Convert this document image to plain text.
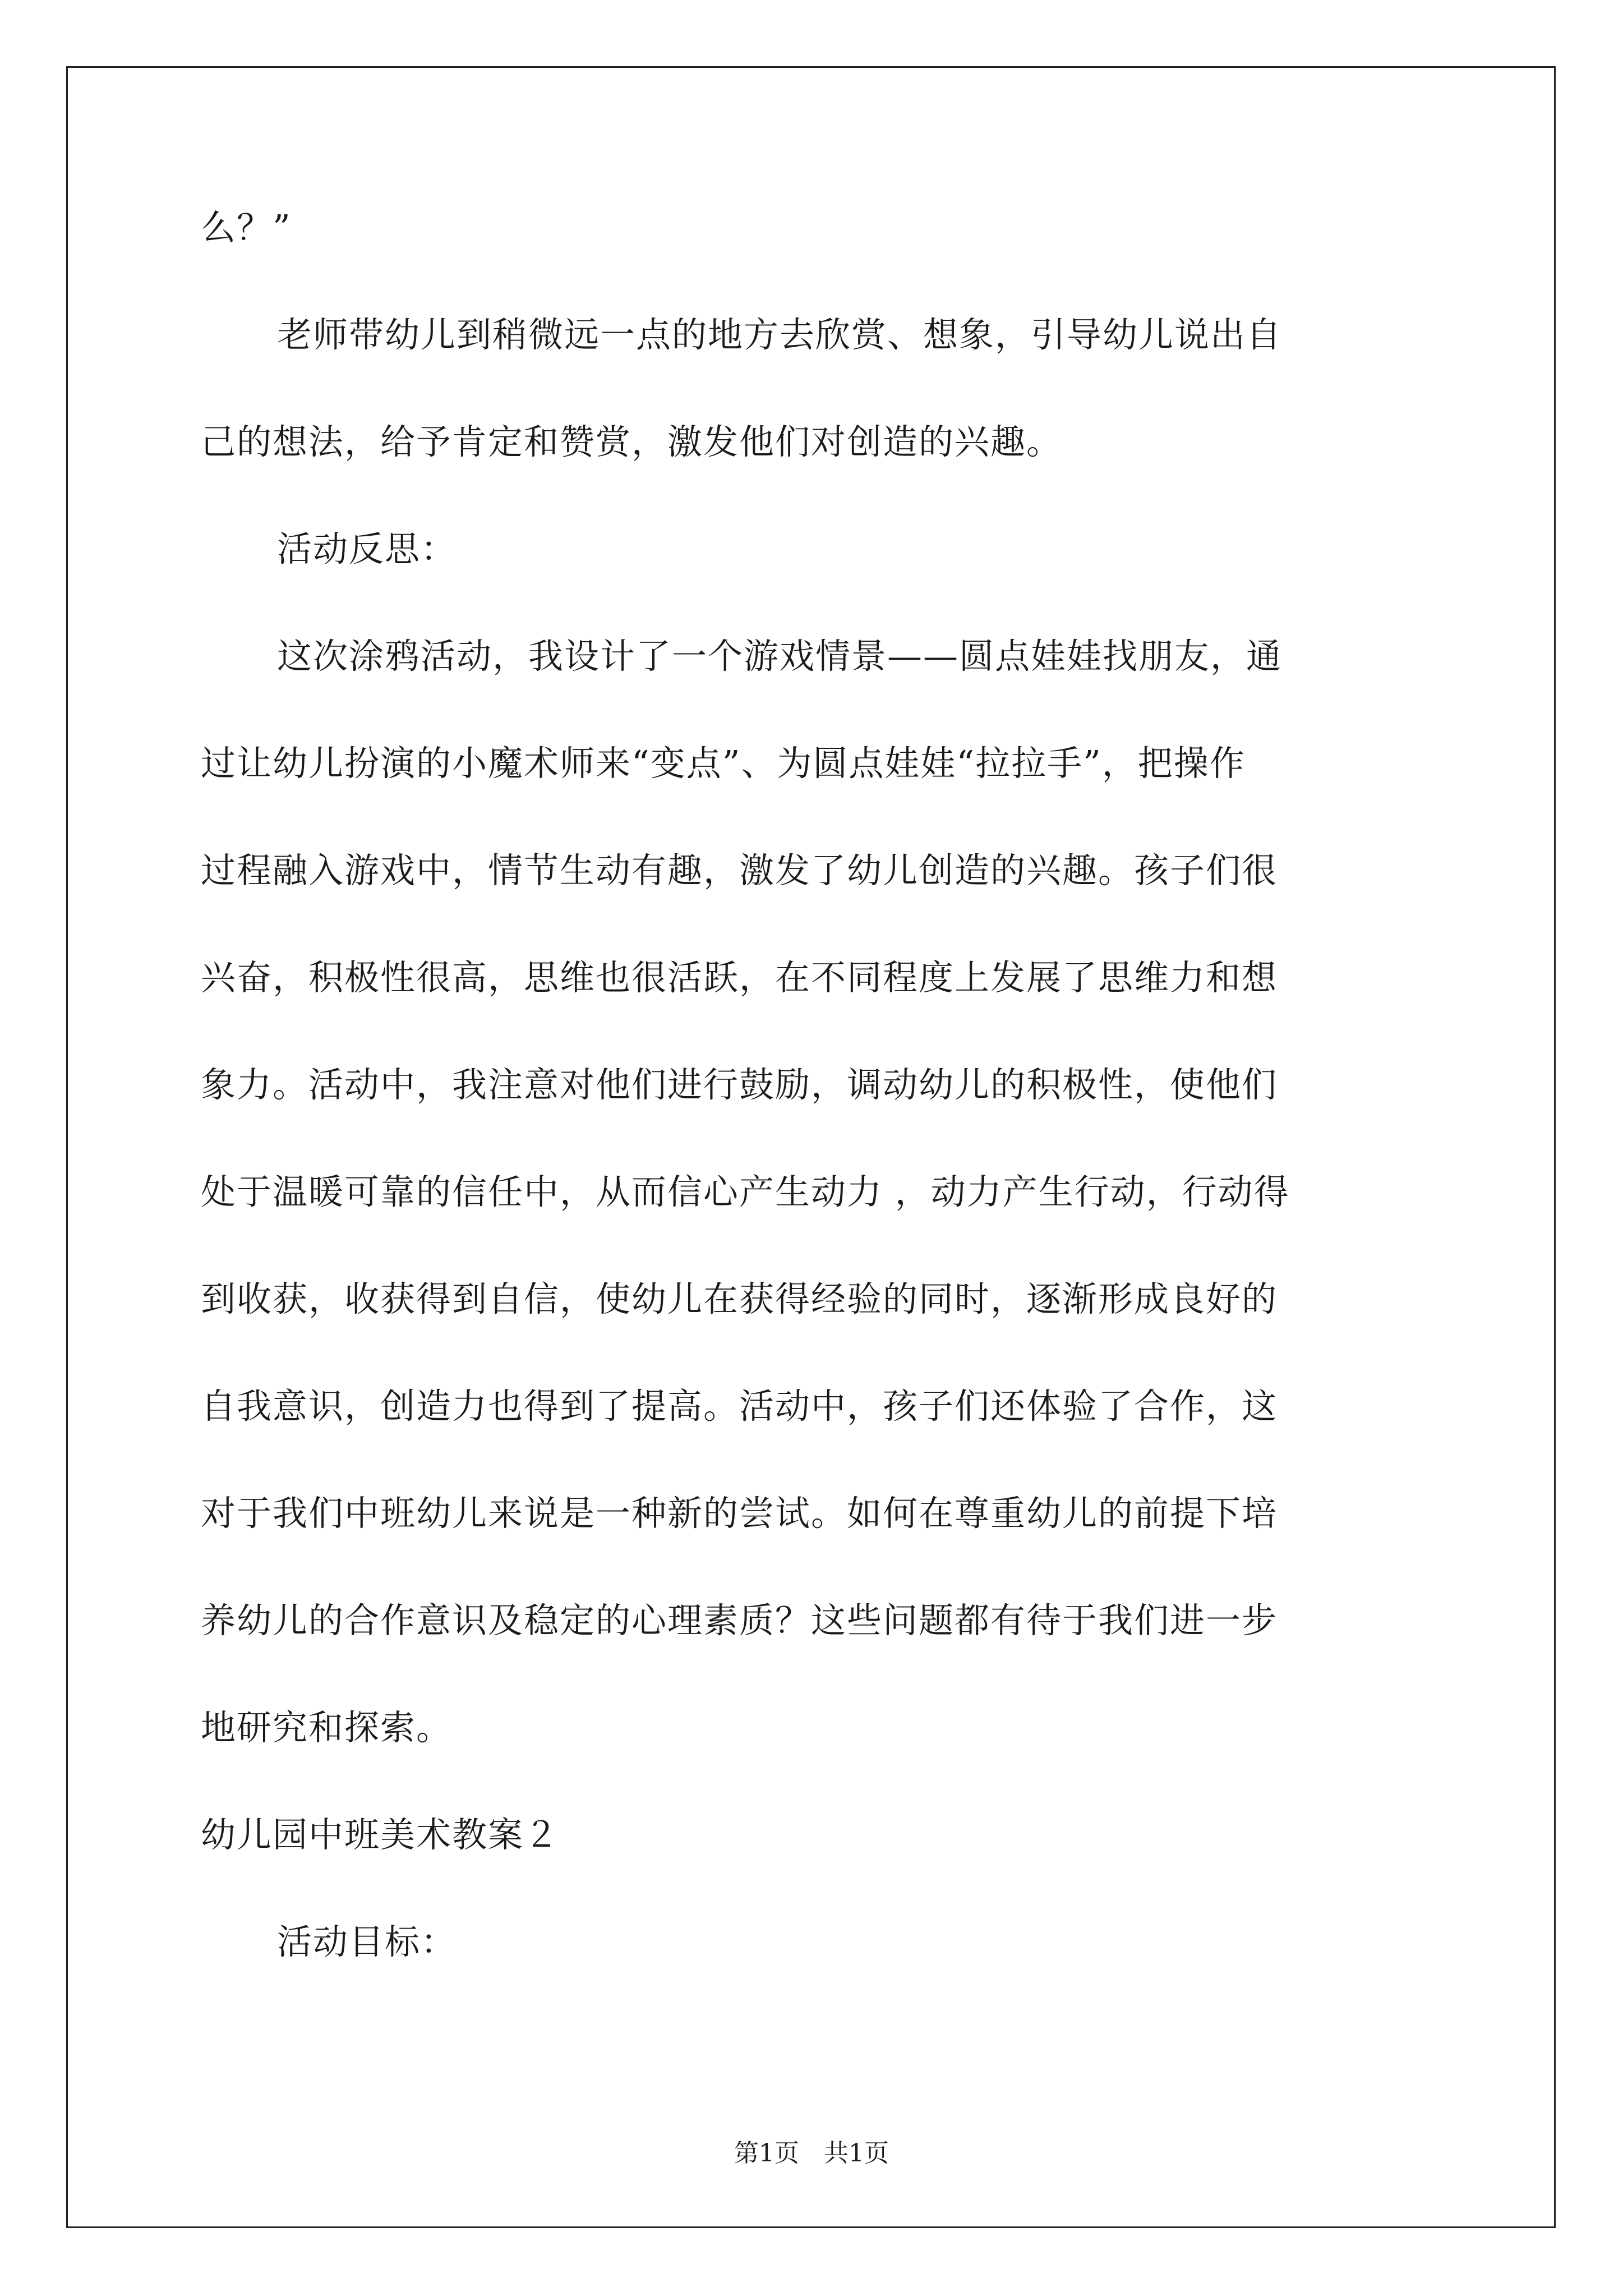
么？”
老师带幼儿到稍微远一点的地方去欣赏、想象，引导幼儿说出自
己的想法，给予肯定和赞赏，激发他们对创造的兴趣。
活动反思：
这次涂鸦活动，我设计了一个游戏情景——圆点娃娃找朋友，通
过让幼儿扮演的小魔术师来“变点”、为圆点娃娃“拉拉手”，把操作
过程融入游戏中，情节生动有趣，激发了幼儿创造的兴趣。孩子们很
兴奋，积极性很高，思维也很活跃，在不同程度上发展了思维力和想
象力。活动中，我注意对他们进行鼓励，调动幼儿的积极性，使他们
处于温暖可靠的信任中，从而信心产生动力 ，动力产生行动，行动得
到收获，收获得到自信，使幼儿在获得经验的同时，逐渐形成良好的
自我意识，创造力也得到了提高。活动中，孩子们还体验了合作，这
对于我们中班幼儿来说是一种新的尝试。如何在尊重幼儿的前提下培
养幼儿的合作意识及稳定的心理素质？这些问题都有待于我们进一步
地研究和探索。
幼儿园中班美术教案２
活动目标：
第1页　共1页
